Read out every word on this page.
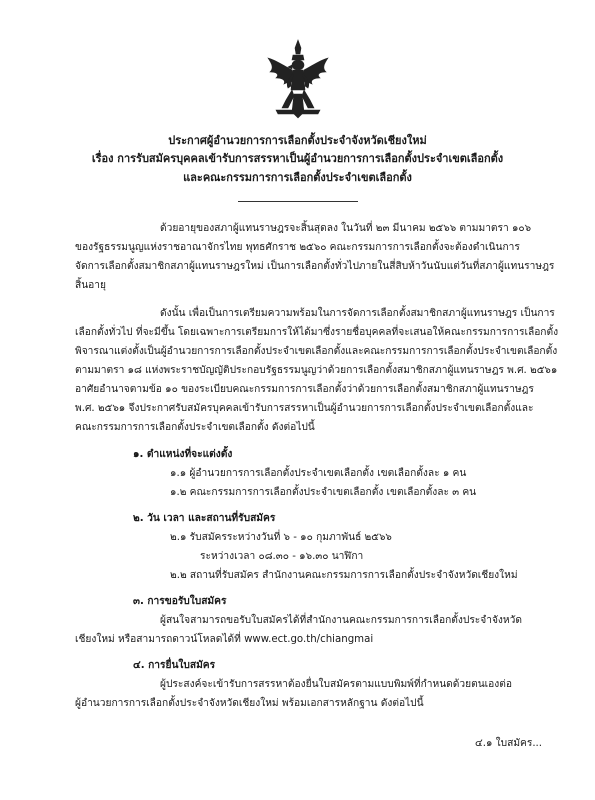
ประกาศผู้อำนวยการการเลือกตั้งประจำจังหวัดเชียงใหม่
เรื่อง การรับสมัครบุคคลเข้ารับการสรรหาเป็นผู้อำนวยการการเลือกตั้งประจำเขตเลือกตั้ง
และคณะกรรมการการเลือกตั้งประจำเขตเลือกตั้ง
ด้วยอายุของสภาผู้แทนราษฎรจะสิ้นสุดลง ในวันที่ ๒๓ มีนาคม ๒๕๖๖ ตามมาตรา ๑๐๖
ของรัฐธรรมนูญแห่งราชอาณาจักรไทย พุทธศักราช ๒๕๖๐ คณะกรรมการการเลือกตั้งจะต้องดำเนินการ
จัดการเลือกตั้งสมาชิกสภาผู้แทนราษฎรใหม่ เป็นการเลือกตั้งทั่วไปภายในสี่สิบห้าวันนับแต่วันที่สภาผู้แทนราษฎร
สิ้นอายุ
ดังนั้น เพื่อเป็นการเตรียมความพร้อมในการจัดการเลือกตั้งสมาชิกสภาผู้แทนราษฎร เป็นการ
เลือกตั้งทั่วไป ที่จะมีขึ้น โดยเฉพาะการเตรียมการให้ได้มาซึ่งรายชื่อบุคคลที่จะเสนอให้คณะกรรมการการเลือกตั้ง
พิจารณาแต่งตั้งเป็นผู้อำนวยการการเลือกตั้งประจำเขตเลือกตั้งและคณะกรรมการการเลือกตั้งประจำเขตเลือกตั้ง
ตามมาตรา ๑๘ แห่งพระราชบัญญัติประกอบรัฐธรรมนูญว่าด้วยการเลือกตั้งสมาชิกสภาผู้แทนราษฎร พ.ศ. ๒๕๖๑
อาศัยอำนาจตามข้อ ๑๐ ของระเบียบคณะกรรมการการเลือกตั้งว่าด้วยการเลือกตั้งสมาชิกสภาผู้แทนราษฎร
พ.ศ. ๒๕๖๑ จึงประกาศรับสมัครบุคคลเข้ารับการสรรหาเป็นผู้อำนวยการการเลือกตั้งประจำเขตเลือกตั้งและ
คณะกรรมการการเลือกตั้งประจำเขตเลือกตั้ง ดังต่อไปนี้
๑. ตำแหน่งที่จะแต่งตั้ง
๑.๑ ผู้อำนวยการการเลือกตั้งประจำเขตเลือกตั้ง เขตเลือกตั้งละ ๑ คน
๑.๒ คณะกรรมการการเลือกตั้งประจำเขตเลือกตั้ง เขตเลือกตั้งละ ๓ คน
๒. วัน เวลา และสถานที่รับสมัคร
๒.๑ รับสมัครระหว่างวันที่ ๖ - ๑๐ กุมภาพันธ์ ๒๕๖๖
ระหว่างเวลา ๐๘.๓๐ - ๑๖.๓๐ นาฬิกา
๒.๒ สถานที่รับสมัคร สำนักงานคณะกรรมการการเลือกตั้งประจำจังหวัดเชียงใหม่
๓. การขอรับใบสมัคร
ผู้สนใจสามารถขอรับใบสมัครได้ที่สำนักงานคณะกรรมการการเลือกตั้งประจำจังหวัด
เชียงใหม่ หรือสามารถดาวน์โหลดได้ที่ www.ect.go.th/chiangmai
๔. การยื่นใบสมัคร
ผู้ประสงค์จะเข้ารับการสรรหาต้องยื่นใบสมัครตามแบบพิมพ์ที่กำหนดด้วยตนเองต่อ
ผู้อำนวยการการเลือกตั้งประจำจังหวัดเชียงใหม่ พร้อมเอกสารหลักฐาน ดังต่อไปนี้
๔.๑ ใบสมัคร...
